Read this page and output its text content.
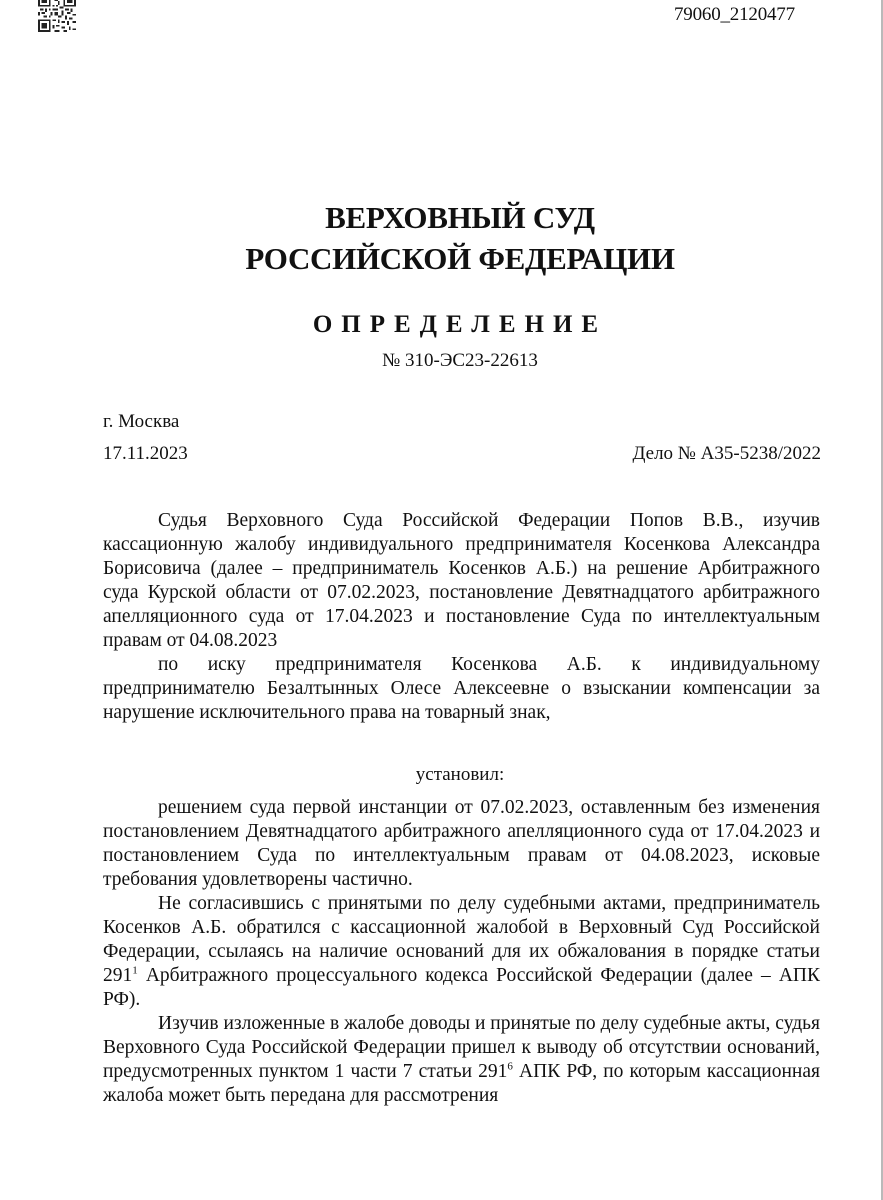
79060_2120477
ВЕРХОВНЫЙ СУД
РОССИЙСКОЙ ФЕДЕРАЦИИ
ОПРЕДЕЛЕНИЕ
№ 310-ЭС23-22613
г. Москва
17.11.2023	Дело № А35-5238/2022

Судья Верховного Суда Российской Федерации Попов В.В., изучив кассационную жалобу индивидуального предпринимателя Косенкова Александра Борисовича (далее – предприниматель Косенков А.Б.) на решение Арбитражного суда Курской области от 07.02.2023, постановление Девятнадцатого арбитражного апелляционного суда от 17.04.2023 и постановление Суда по интеллектуальным правам от 04.08.2023

по иску предпринимателя Косенкова А.Б. к индивидуальному предпринимателю Безалтынных Олесе Алексеевне о взыскании компенсации за нарушение исключительного права на товарный знак,

установил:

решением суда первой инстанции от 07.02.2023, оставленным без изменения постановлением Девятнадцатого арбитражного апелляционного суда от 17.04.2023 и постановлением Суда по интеллектуальным правам от 04.08.2023, исковые требования удовлетворены частично.

Не согласившись с принятыми по делу судебными актами, предприниматель Косенков А.Б. обратился с кассационной жалобой в Верховный Суд Российской Федерации, ссылаясь на наличие оснований для их обжалования в порядке статьи $291^1$ Арбитражного процессуального кодекса Российской Федерации (далее – АПК РФ).

Изучив изложенные в жалобе доводы и принятые по делу судебные акты, судья Верховного Суда Российской Федерации пришел к выводу об отсутствии оснований, предусмотренных пунктом 1 части 7 статьи $291^6$ АПК РФ, по которым кассационная жалоба может быть передана для рассмотрения
